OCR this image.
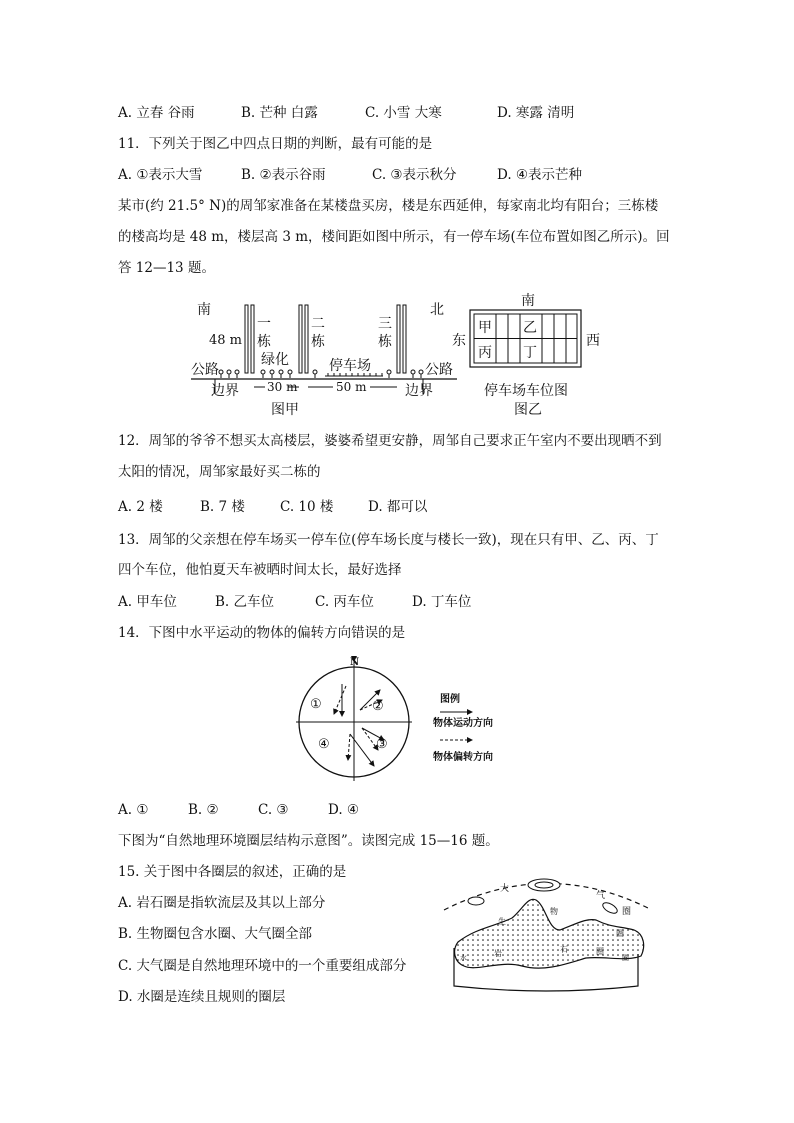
A. 立春 谷雨	B. 芒种 白露	C. 小雪 大寒	D. 寒露 清明
11．下列关于图乙中四点日期的判断，最有可能的是
A. ①表示大雪	B. ②表示谷雨	C. ③表示秋分	D. ④表示芒种
某市(约 21.5° N)的周邹家准备在某楼盘买房，楼是东西延伸，每家南北均有阳台；三栋楼
的楼高均是 48 m，楼层高 3 m，楼间距如图中所示，有一停车场(车位布置如图乙所示)。回
答 12—13 题。
南	北
48 m
一
栋
二
栋
三
栋
绿化	停车场
公路	公路
30 m	50 m
边界	边界
图甲
南
东	西
甲 乙
丙 丁
停车场车位图
图乙
12．周邹的爷爷不想买太高楼层，婆婆希望更安静，周邹自己要求正午室内不要出现晒不到
太阳的情况，周邹家最好买二栋的
A. 2 楼	B. 7 楼	C. 10 楼	D. 都可以
13．周邹的父亲想在停车场买一停车位(停车场长度与楼长一致)，现在只有甲、乙、丙、丁
四个车位，他怕夏天车被晒时间太长，最好选择
A. 甲车位	B. 乙车位	C. 丙车位	D. 丁车位
14．下图中水平运动的物体的偏转方向错误的是
N
①	②
③
④
图例
物体运动方向
物体偏转方向
A. ①	B. ②	C. ③	D. ④
下图为“自然地理环境圈层结构示意图”。读图完成 15—16 题。
15. 关于图中各圈层的叙述，正确的是
A. 岩石圈是指软流层及其以上部分
B. 生物圈包含水圈、大气圈全部
C. 大气圈是自然地理环境中的一个重要组成部分
D. 水圈是连续且规则的圈层
大
气
圈
生
物
圈
水	岩	石	圈
圈
